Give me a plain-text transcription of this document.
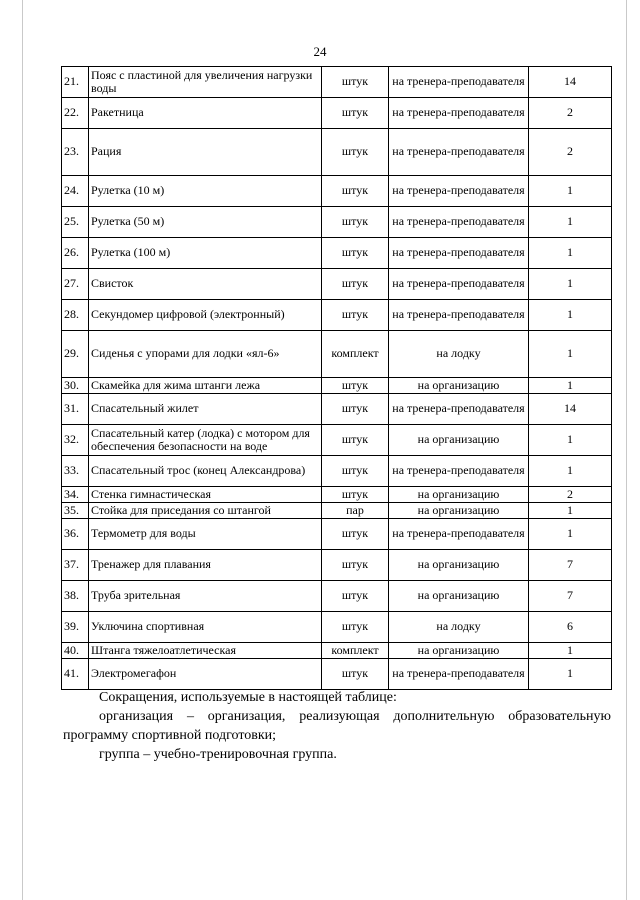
24
21.	Пояс с пластиной для увеличения нагрузки воды	штук	на тренера-преподавателя	14
22.	Ракетница	штук	на тренера-преподавателя	2
23.	Рация	штук	на тренера-преподавателя	2
24.	Рулетка (10 м)	штук	на тренера-преподавателя	1
25.	Рулетка (50 м)	штук	на тренера-преподавателя	1
26.	Рулетка (100 м)	штук	на тренера-преподавателя	1
27.	Свисток	штук	на тренера-преподавателя	1
28.	Секундомер цифровой (электронный)	штук	на тренера-преподавателя	1
29.	Сиденья с упорами для лодки «ял-6»	комплект	на лодку	1
30.	Скамейка для жима штанги лежа	штук	на организацию	1
31.	Спасательный жилет	штук	на тренера-преподавателя	14
32.	Спасательный катер (лодка) с мотором для обеспечения безопасности на воде	штук	на организацию	1
33.	Спасательный трос (конец Александрова)	штук	на тренера-преподавателя	1
34.	Стенка гимнастическая	штук	на организацию	2
35.	Стойка для приседания со штангой	пар	на организацию	1
36.	Термометр для воды	штук	на тренера-преподавателя	1
37.	Тренажер для плавания	штук	на организацию	7
38.	Труба зрительная	штук	на организацию	7
39.	Уключина спортивная	штук	на лодку	6
40.	Штанга тяжелоатлетическая	комплект	на организацию	1
41.	Электромегафон	штук	на тренера-преподавателя	1

Сокращения, используемые в настоящей таблице:

организация – организация, реализующая дополнительную образовательную программу спортивной подготовки;

группа – учебно-тренировочная группа.
